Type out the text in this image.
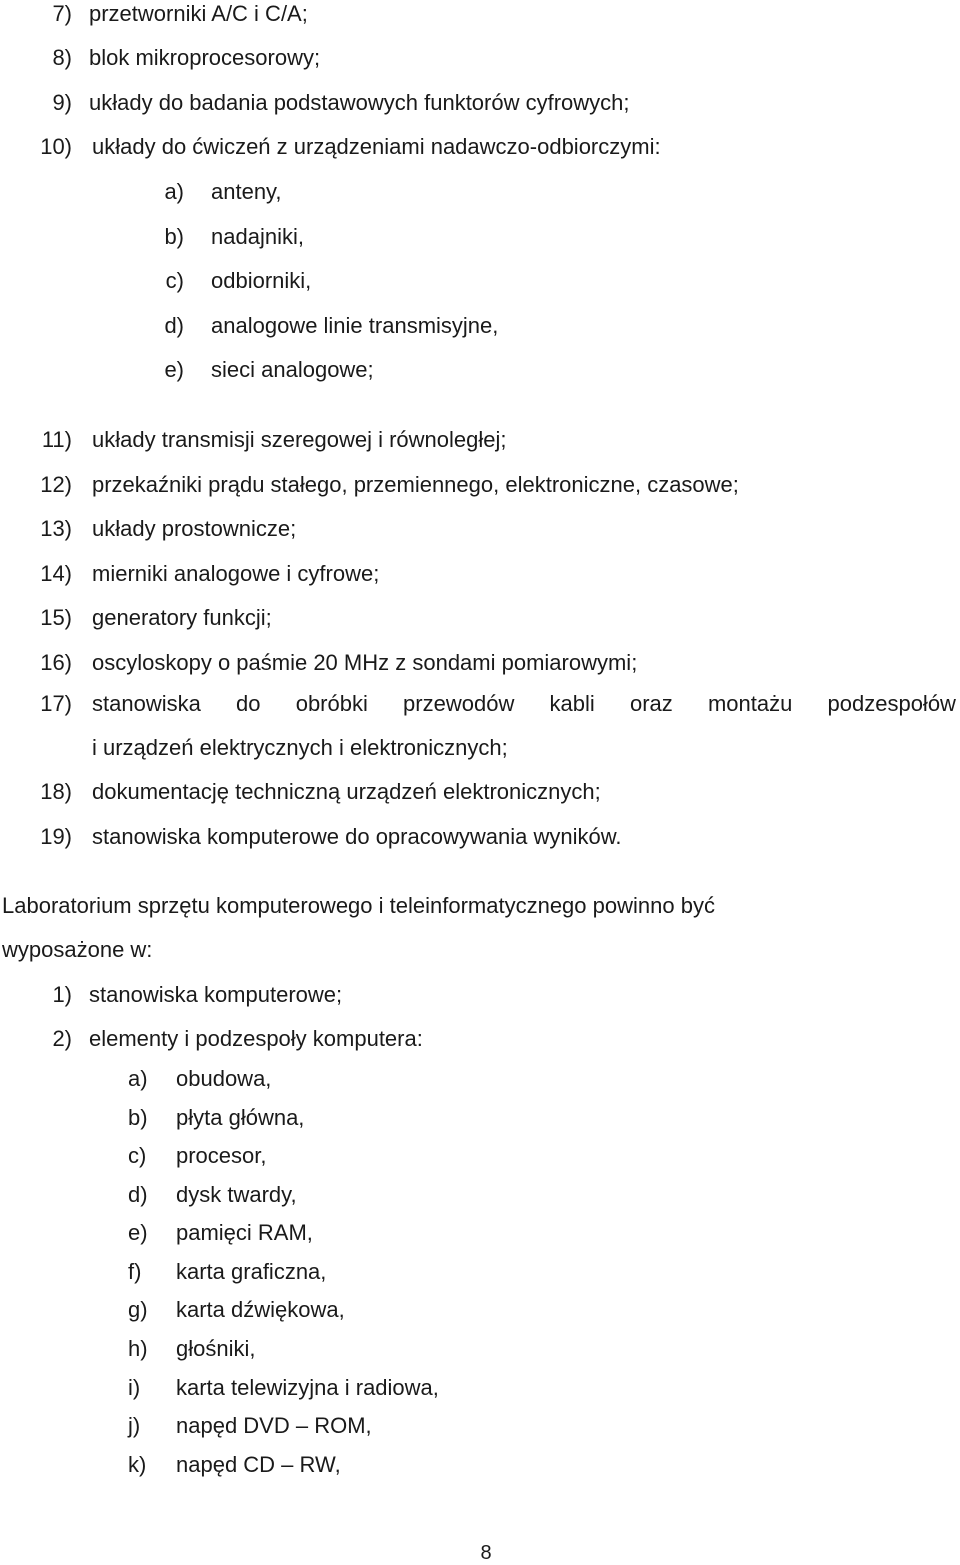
7) przetworniki A/C i C/A;
8) blok mikroprocesorowy;
9) układy do badania podstawowych funktorów cyfrowych;
10) układy do ćwiczeń z urządzeniami nadawczo-odbiorczymi:
a) anteny,
b) nadajniki,
c) odbiorniki,
d) analogowe linie transmisyjne,
e) sieci analogowe;
11) układy transmisji szeregowej i równoległej;
12) przekaźniki prądu stałego, przemiennego, elektroniczne, czasowe;
13) układy prostownicze;
14) mierniki analogowe i cyfrowe;
15) generatory funkcji;
16) oscyloskopy o paśmie 20 MHz z sondami pomiarowymi;
17) stanowiska do obróbki przewodów kabli oraz montażu podzespołów
i urządzeń elektrycznych i elektronicznych;
18) dokumentację techniczną urządzeń elektronicznych;
19) stanowiska komputerowe do opracowywania wyników.
Laboratorium sprzętu komputerowego i teleinformatycznego powinno być
wyposażone w:
1) stanowiska komputerowe;
2) elementy i podzespoły komputera:
a) obudowa,
b) płyta główna,
c) procesor,
d) dysk twardy,
e) pamięci RAM,
f) karta graficzna,
g) karta dźwiękowa,
h) głośniki,
i) karta telewizyjna i radiowa,
j) napęd DVD – ROM,
k) napęd CD – RW,
8
